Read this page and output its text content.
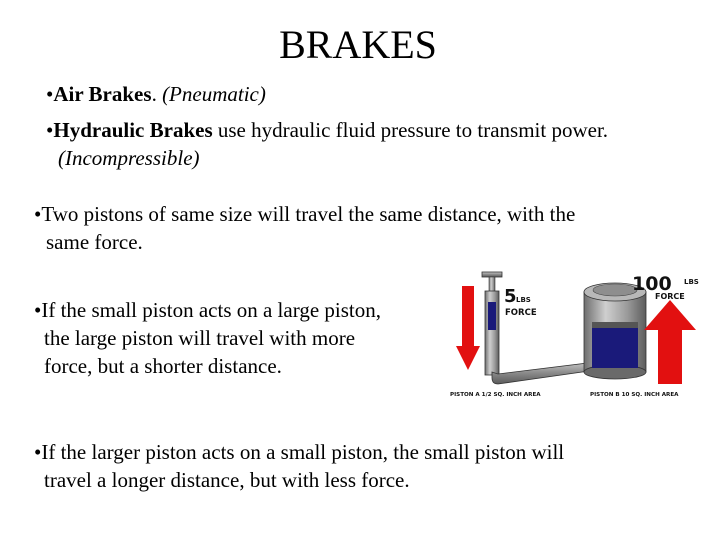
BRAKES
•Air Brakes. (Pneumatic)
•Hydraulic Brakes use hydraulic fluid pressure to transmit power.
(Incompressible)
•Two pistons of same size will travel the same distance, with the
same force.
•If the small piston acts on a large piston,
the large piston will travel with more
force, but a shorter distance.
•If the larger piston acts on a small piston, the small piston will
travel a longer distance, but with less force.
5 LBS
FORCE
100 LBS
FORCE
PISTON A 1/2 SQ. INCH AREA	PISTON B 10 SQ. INCH AREA
